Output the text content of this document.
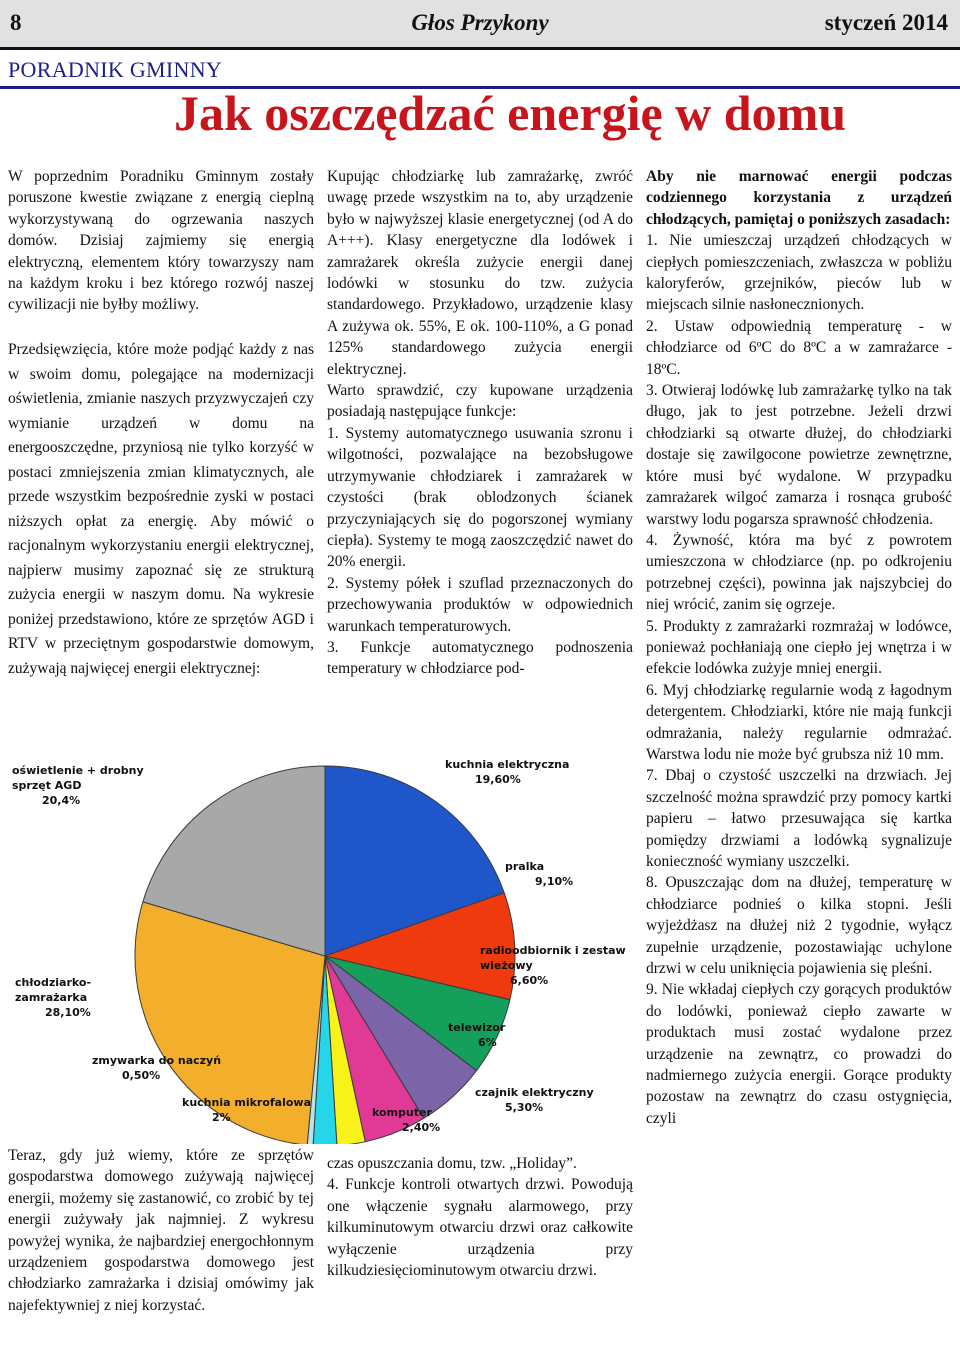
8	Głos Przykony	styczeń 2014
PORADNIK GMINNY
Jak oszczędzać energię w domu

W poprzednim Poradniku Gminnym zostały poruszone kwestie związane z energią cieplną wykorzystywaną do ogrzewania naszych domów. Dzisiaj zajmiemy się energią elektryczną, elementem który towarzyszy nam na każdym kroku i bez którego rozwój naszej cywilizacji nie byłby możliwy.

Przedsięwzięcia, które może podjąć każdy z nas w swoim domu, polegające na modernizacji oświetlenia, zmianie naszych przyzwyczajeń czy wymianie urządzeń w domu na energooszczędne, przyniosą nie tylko korzyść w postaci zmniejszenia zmian klimatycznych, ale przede wszystkim bezpośrednie zyski w postaci niższych opłat za energię. Aby mówić o racjonalnym wykorzystaniu energii elektrycznej, najpierw musimy zapoznać się ze strukturą zużycia energii w naszym domu. Na wykresie poniżej przedstawiono, które ze sprzętów AGD i RTV w przeciętnym gospodarstwie domowym, zużywają najwięcej energii elektrycznej:

kuchnia elektryczna 19,60%
pralka 9,10%
radioodbiornik i zestaw wieżowy 6,60%
telewizor 6%
czajnik elektryczny 5,30%
komputer 2,40%
kuchnia mikrofalowa 2%
zmywarka do naczyń 0,50%
chłodziarko-zamrażarka 28,10%
oświetlenie + drobny sprzęt AGD 20,4%

Teraz, gdy już wiemy, które ze sprzętów gospodarstwa domowego zużywają najwięcej energii, możemy się zastanowić, co zrobić by tej energii zużywały jak najmniej. Z wykresu powyżej wynika, że najbardziej energochłonnym urządzeniem gospodarstwa domowego jest chłodziarko zamrażarka i dzisiaj omówimy jak najefektywniej z niej korzystać.

Kupując chłodziarkę lub zamrażarkę, zwróć uwagę przede wszystkim na to, aby urządzenie było w najwyższej klasie energetycznej (od A do A+++). Klasy energetyczne dla lodówek i zamrażarek określa zużycie energii danej lodówki w stosunku do tzw. zużycia standardowego. Przykładowo, urządzenie klasy A zużywa ok. 55%, E ok. 100-110%, a G ponad 125% standardowego zużycia energii elektrycznej.

Warto sprawdzić, czy kupowane urządzenia posiadają następujące funkcje:

1. Systemy automatycznego usuwania szronu i wilgotności, pozwalające na bezobsługowe utrzymywanie chłodziarek i zamrażarek w czystości (brak oblodzonych ścianek przyczyniających się do pogorszonej wymiany ciepła). Systemy te mogą zaoszczędzić nawet do 20% energii.

2. Systemy półek i szuflad przeznaczonych do przechowywania produktów w odpowiednich warunkach temperaturowych.

3. Funkcje automatycznego podnoszenia temperatury w chłodziarce pod-

czas opuszczania domu, tzw. „Holiday”.

4. Funkcje kontroli otwartych drzwi. Powodują one włączenie sygnału alarmowego, przy kilkuminutowym otwarciu drzwi oraz całkowite wyłączenie urządzenia przy kilkudziesięciominutowym otwarciu drzwi.

Aby nie marnować energii podczas codziennego korzystania z urządzeń chłodzących, pamiętaj o poniższych zasadach:

1. Nie umieszczaj urządzeń chłodzących w ciepłych pomieszczeniach, zwłaszcza w pobliżu kaloryferów, grzejników, pieców lub w miejscach silnie nasłonecznionych.

2. Ustaw odpowiednią temperaturę - w chłodziarce od 6ºC do 8ºC a w zamrażarce - 18ºC.

3. Otwieraj lodówkę lub zamrażarkę tylko na tak długo, jak to jest potrzebne. Jeżeli drzwi chłodziarki są otwarte dłużej, do chłodziarki dostaje się zawilgocone powietrze zewnętrzne, które musi być wydalone. W przypadku zamrażarek wilgoć zamarza i rosnąca grubość warstwy lodu pogarsza sprawność chłodzenia.

4. Żywność, która ma być z powrotem umieszczona w chłodziarce (np. po odkrojeniu potrzebnej części), powinna jak najszybciej do niej wrócić, zanim się ogrzeje.

5. Produkty z zamrażarki rozmrażaj w lodówce, ponieważ pochłaniają one ciepło jej wnętrza i w efekcie lodówka zużyje mniej energii.

6. Myj chłodziarkę regularnie wodą z łagodnym detergentem. Chłodziarki, które nie mają funkcji odmrażania, należy regularnie odmrażać. Warstwa lodu nie może być grubsza niż 10 mm.

7. Dbaj o czystość uszczelki na drzwiach. Jej szczelność można sprawdzić przy pomocy kartki papieru – łatwo przesuwająca się kartka pomiędzy drzwiami a lodówką sygnalizuje konieczność wymiany uszczelki.

8. Opuszczając dom na dłużej, temperaturę w chłodziarce podnieś o kilka stopni. Jeśli wyjeżdżasz na dłużej niż 2 tygodnie, wyłącz zupełnie urządzenie, pozostawiając uchylone drzwi w celu uniknięcia pojawienia się pleśni.

9. Nie wkładaj ciepłych czy gorących produktów do lodówki, ponieważ ciepło zawarte w produktach musi zostać wydalone przez urządzenie na zewnątrz, co prowadzi do nadmiernego zużycia energii. Gorące produkty pozostaw na zewnątrz do czasu ostygnięcia, czyli
